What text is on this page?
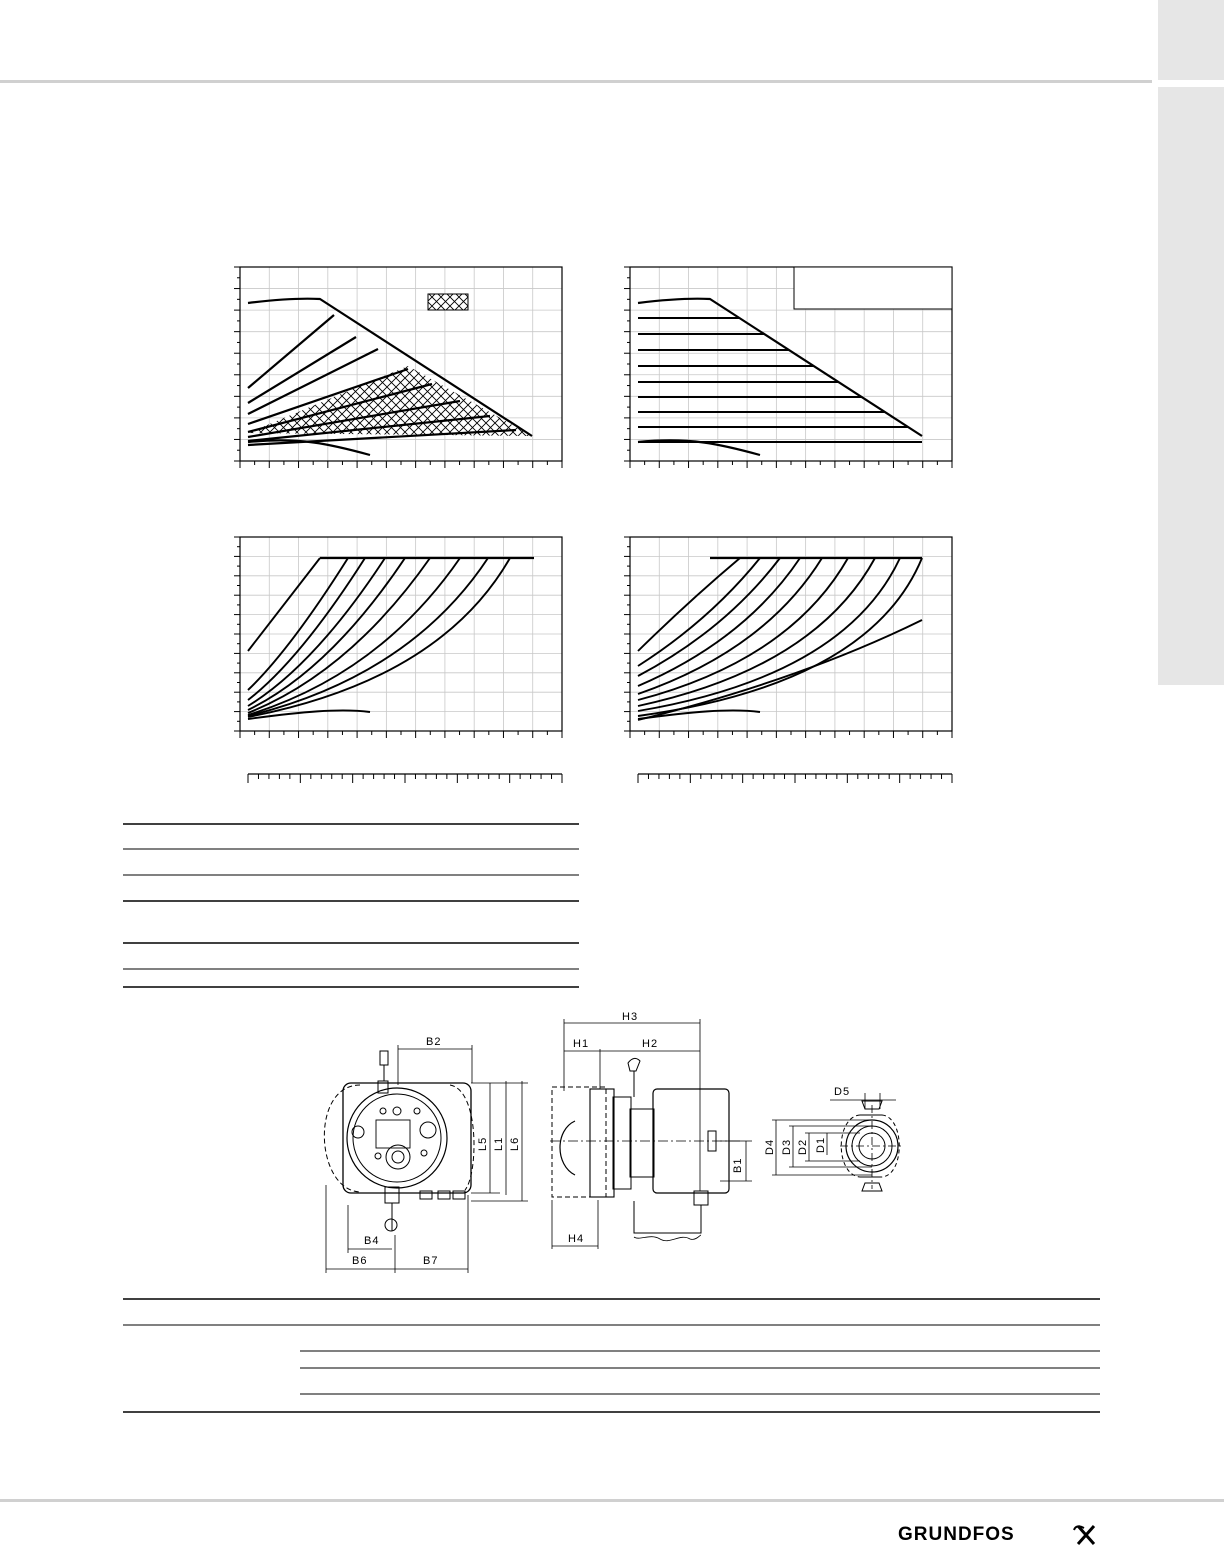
B2
L5 L1 L6
B4
B6	B7
H3
H1	H2
B1
H4
D5
D4 D3 D2 D1
GRUNDFOS
